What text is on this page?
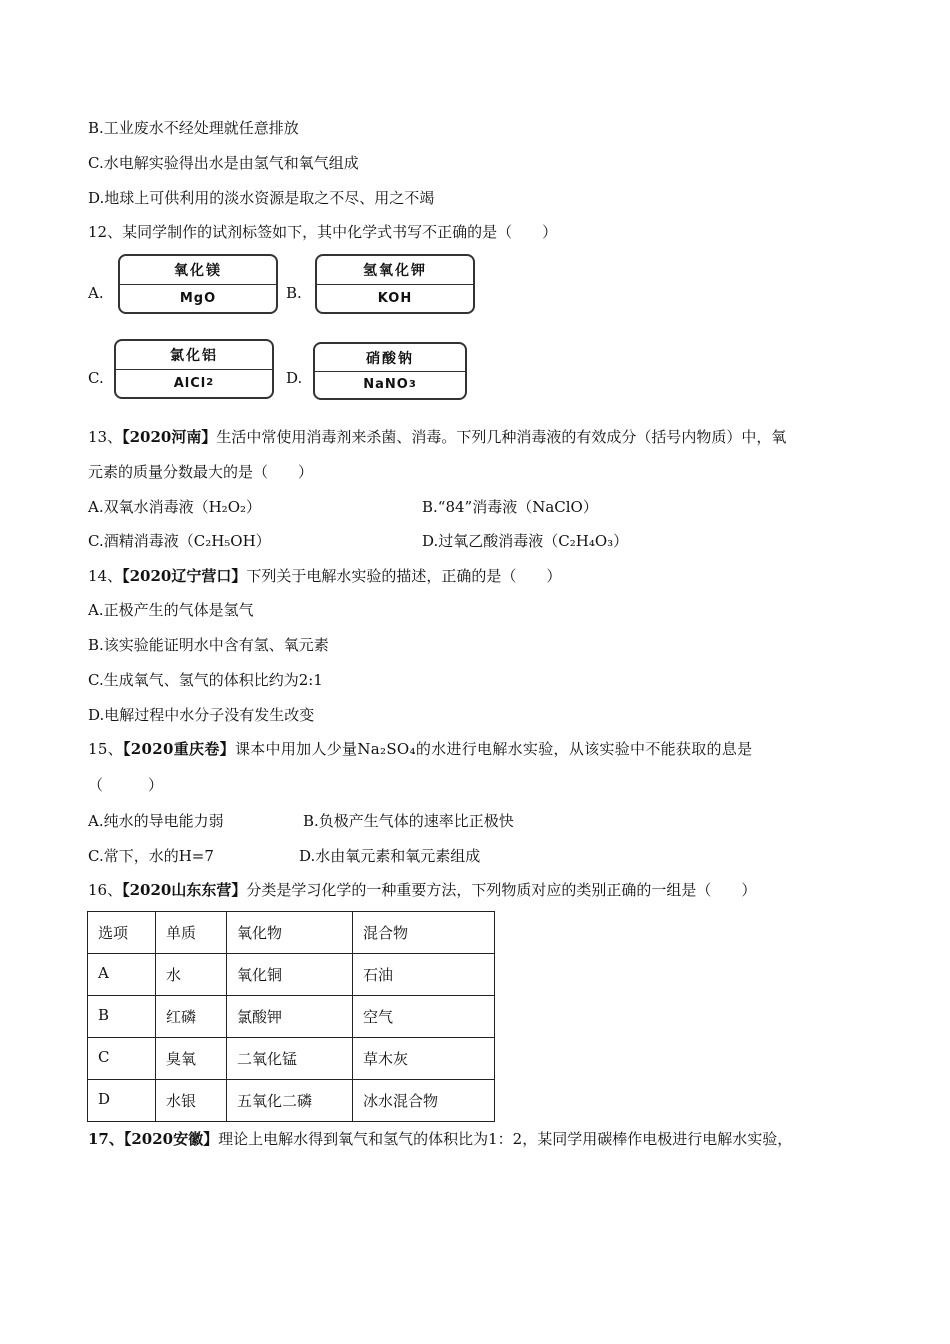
B.工业废水不经处理就任意排放
C.水电解实验得出水是由氢气和氧气组成
D.地球上可供利用的淡水资源是取之不尽、用之不竭
12、某同学制作的试剂标签如下，其中化学式书写不正确的是（　　）
A.
氧化镁
MgO	B.
氢氧化钾
KOH
C.
氯化铝
AlCl 2	D.
硝酸钠
NaNO 3
13、【2020河南】生活中常使用消毒剂来杀菌、消毒。下列几种消毒液的有效成分（括号内物质）中，氧
元素的质量分数最大的是（　　）
A.双氧水消毒液（H₂O₂）	B.“84”消毒液（NaClO）
C.酒精消毒液（C₂H₅OH）	D.过氧乙酸消毒液（C₂H₄O₃）
14、【2020辽宁营口】下列关于电解水实验的描述，正确的是（　　）
A.正极产生的气体是氢气
B.该实验能证明水中含有氢、氧元素
C.生成氧气、氢气的体积比约为2:1
D.电解过程中水分子没有发生改变
15、【2020重庆卷】课本中用加人少量Na₂SO₄的水进行电解水实验，从该实验中不能获取的息是
（　　　）
A.纯水的导电能力弱	B.负极产生气体的速率比正极快
C.常下，水的H=7	D.水由氧元素和氧元素组成
16、【2020山东东营】分类是学习化学的一种重要方法，下列物质对应的类别正确的一组是（　　）
选项	单质	氧化物	混合物
A	水	氧化铜	石油
B	红磷	氯酸钾	空气
C	臭氧	二氧化锰	草木灰
D	水银	五氧化二磷	冰水混合物
17、【2020安徽】理论上电解水得到氧气和氢气的体积比为1：2，某同学用碳棒作电极进行电解水实验，
